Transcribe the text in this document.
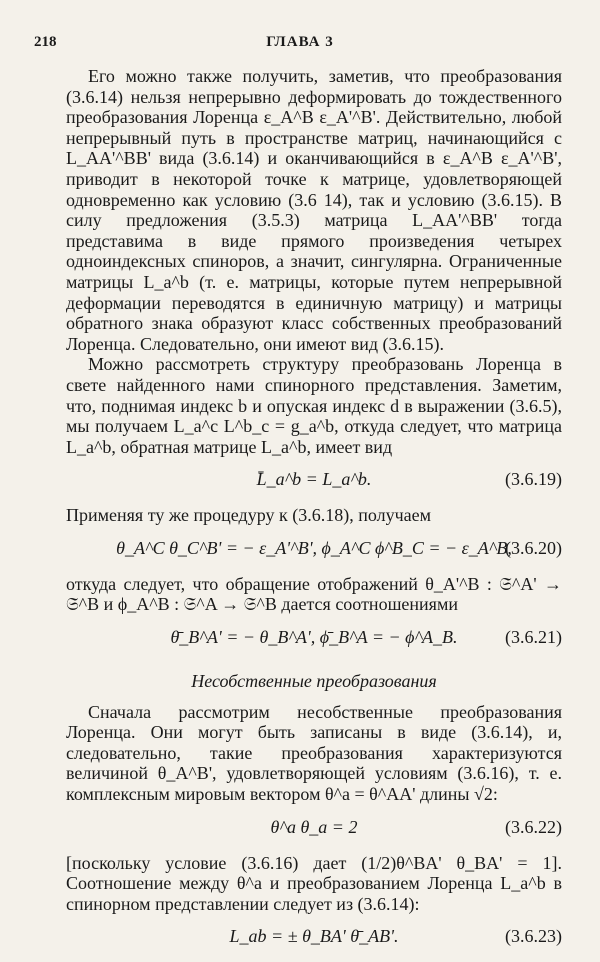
218	ГЛАВА 3

Его можно также получить, заметив, что преобразования (3.6.14) нельзя непрерывно деформировать до тождественного преобразования Лоренца ε_A^B ε_A'^B'. Действительно, любой непрерывный путь в пространстве матриц, начинающийся с L_AA'^BB' вида (3.6.14) и оканчивающийся в ε_A^B ε_A'^B', приводит в некоторой точке к матрице, удовлетворяющей одновременно как условию (3.6 14), так и условию (3.6.15). В силу предложения (3.5.3) матрица L_AA'^BB' тогда представима в виде прямого произведения четырех одноиндексных спиноров, а значит, сингулярна. Ограниченные матрицы L_a^b (т. е. матрицы, которые путем непрерывной деформации переводятся в единичную матрицу) и матрицы обратного знака образуют класс собственных преобразований Лоренца. Следовательно, они имеют вид (3.6.15).

Можно рассмотреть структуру преобразовань Лоренца в свете найденного нами спинорного представления. Заметим, что, поднимая индекс b и опуская индекс d в выражении (3.6.5), мы получаем L_a^c L^b_c = g_a^b, откуда следует, что матрица L_a^b, обратная матрице L_a^b, имеет вид

L̄_a^b = L_a^b.	(3.6.19)

Применяя ту же процедуру к (3.6.18), получаем

θ_A^C θ_C^B' = − ε_A'^B', ϕ_A^C ϕ^B_C = − ε_A^B,
(3.6.20)

откуда следует, что обращение отображений θ_A'^B : 𝔖^A' → 𝔖^B и ϕ_A^B : 𝔖^A → 𝔖^B дается соотношениями

θ̄_B^A' = − θ_B^A', ϕ̄_B^A = − ϕ^A_B.	(3.6.21)
Несобственные преобразования

Сначала рассмотрим несобственные преобразования Лоренца. Они могут быть записаны в виде (3.6.14), и, следовательно, такие преобразования характеризуются величиной θ_A^B', удовлетворяющей условиям (3.6.16), т. е. комплексным мировым вектором θ^a = θ^AA' длины √2:

θ^a θ_a = 2	(3.6.22)

[поскольку условие (3.6.16) дает (1/2)θ^BA' θ_BA' = 1]. Соотношение между θ^a и преобразованием Лоренца L_a^b в спинорном представлении следует из (3.6.14):

L_ab = ± θ_BA' θ̄_AB'.	(3.6.23)
